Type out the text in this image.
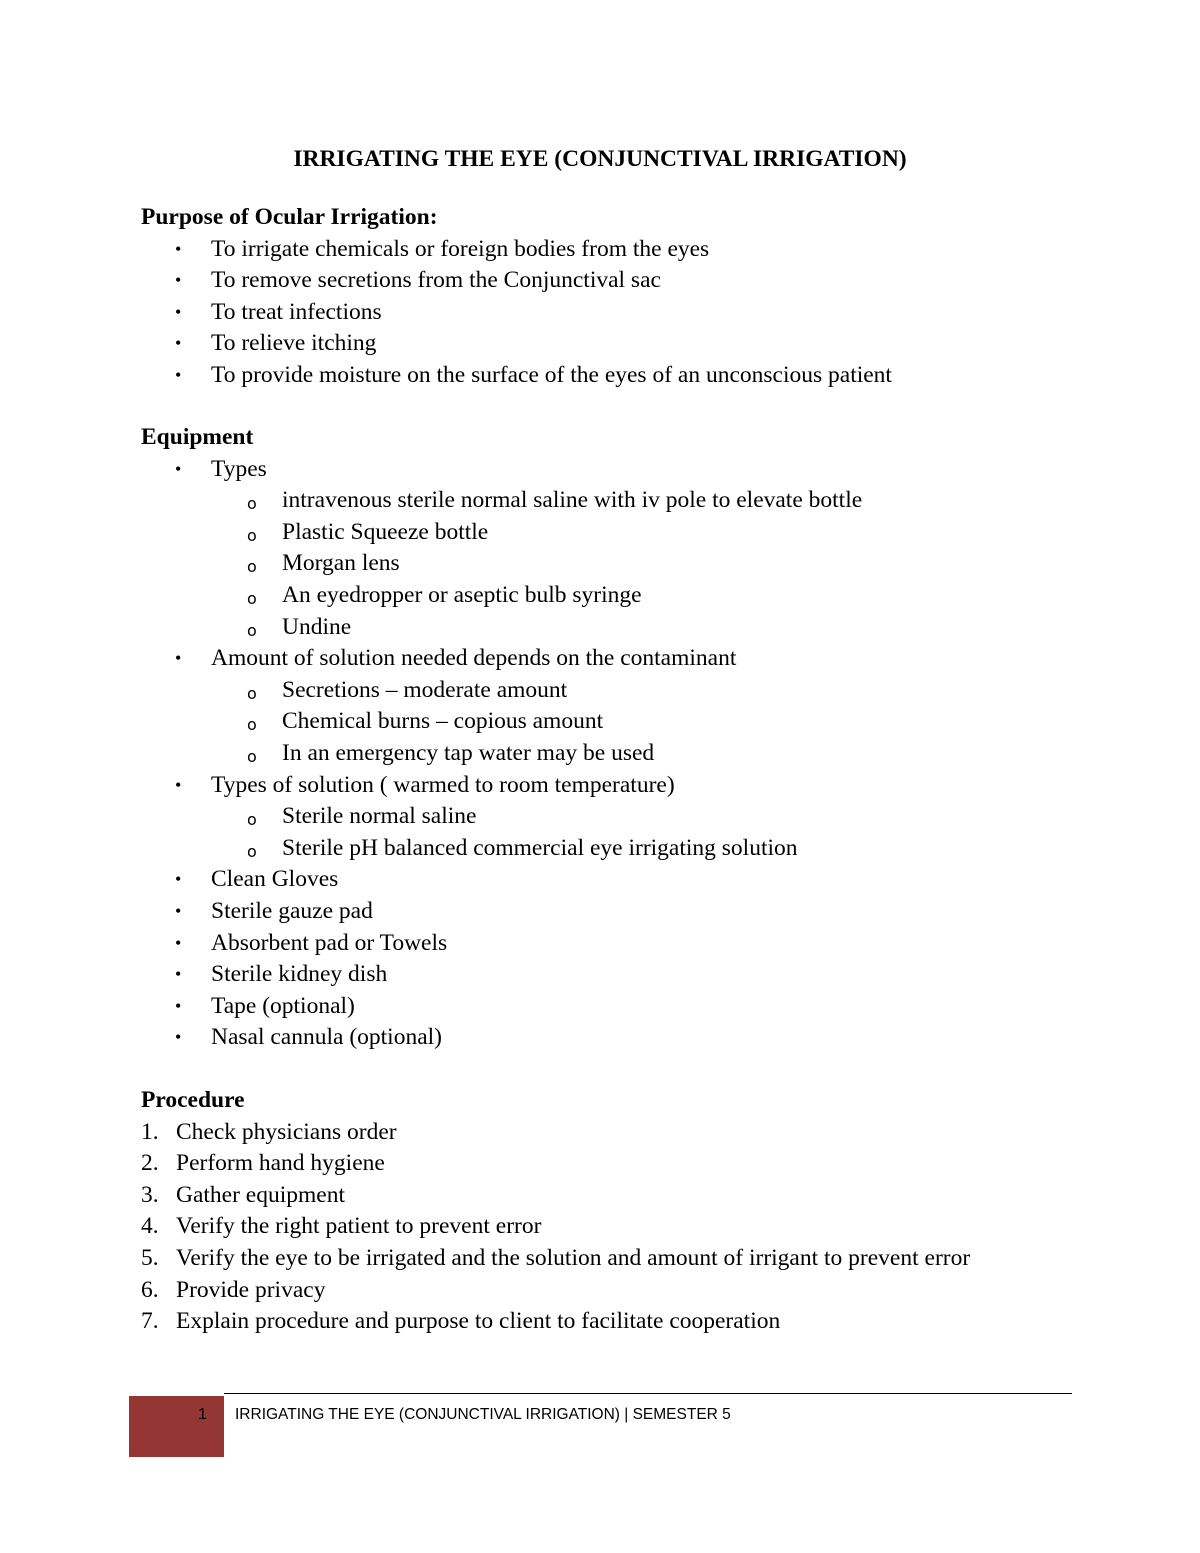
IRRIGATING THE EYE (CONJUNCTIVAL IRRIGATION)
Purpose of Ocular Irrigation:
• To irrigate chemicals or foreign bodies from the eyes
• To remove secretions from the Conjunctival sac
• To treat infections
• To relieve itching
• To provide moisture on the surface of the eyes of an unconscious patient
Equipment
• Types
o intravenous sterile normal saline with iv pole to elevate bottle
o Plastic Squeeze bottle
o Morgan lens
o An eyedropper or aseptic bulb syringe
o Undine
• Amount of solution needed depends on the contaminant
o Secretions – moderate amount
o Chemical burns – copious amount
o In an emergency tap water may be used
• Types of solution ( warmed to room temperature)
o Sterile normal saline
o Sterile pH balanced commercial eye irrigating solution
• Clean Gloves
• Sterile gauze pad
• Absorbent pad or Towels
• Sterile kidney dish
• Tape (optional)
• Nasal cannula (optional)
Procedure
1. Check physicians order
2. Perform hand hygiene
3. Gather equipment
4. Verify the right patient to prevent error
5. Verify the eye to be irrigated and the solution and amount of irrigant to prevent error
6. Provide privacy
7. Explain procedure and purpose to client to facilitate cooperation
1 IRRIGATING THE EYE (CONJUNCTIVAL IRRIGATION) | SEMESTER 5
